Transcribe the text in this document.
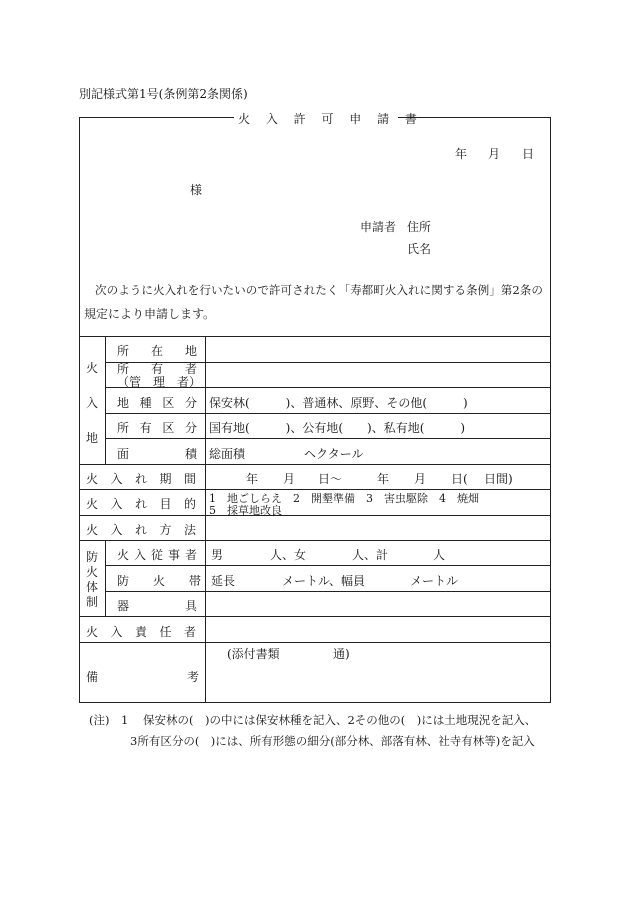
別記様式第1号(条例第2条関係)
火 入 許 可 申 請 書
年 月 日
様
申請者 住所
氏名
次のように火入れを行いたいので許可されたく「寿都町火入れに関する条例」第2条の
規定により申請します。
火
入
地
所　在　地
所　有　者
（管　理　者）
地 種 区 分 保安林(　　　)、普通林、原野、その他(　　　)
所 有 区 分 国有地(　　　)、公有地(　　)、私有地(　　　)
面　　　積 総面積	ヘクタール
火 入 れ 期 間	年 月 日〜	年 月 日( 日間)
火 入 れ 目 的 1　地ごしらえ　2　開墾準備　3　害虫駆除　4　焼畑
5　採草地改良
火 入 れ 方 法
防
火
体
制
火入従事者 男	人、女	人、計	人
防　　火　　帯 延長	メートル、幅員	メートル
器　　　　具
火 入 責 任 者
備	考
(添付書類	通)
(注)　1 保安林の(　)の中には保安林種を記入、2その他の(　)には土地現況を記入、
3所有区分の(　)には、所有形態の細分(部分林、部落有林、社寺有林等)を記入
